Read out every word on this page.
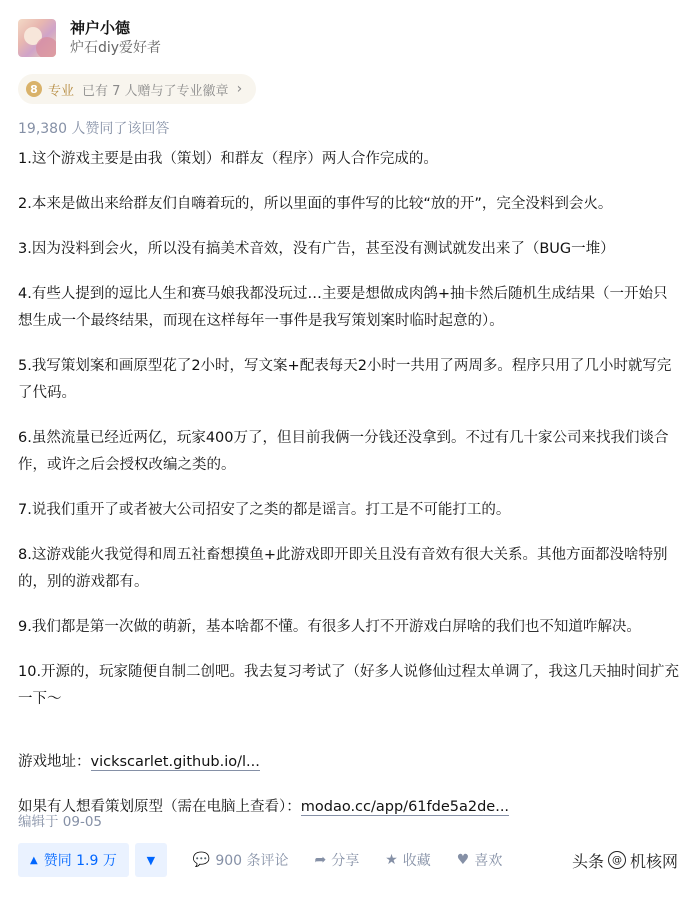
神户小德
炉石diy爱好者
8 专业 已有 7 人赠与了专业徽章 ›
19,380 人赞同了该回答

1.这个游戏主要是由我（策划）和群友（程序）两人合作完成的。

2.本来是做出来给群友们自嗨着玩的，所以里面的事件写的比较“放的开”，完全没料到会火。

3.因为没料到会火，所以没有搞美术音效，没有广告，甚至没有测试就发出来了（BUG一堆）

4.有些人提到的逗比人生和赛马娘我都没玩过…主要是想做成肉鸽+抽卡然后随机生成结果（一开始只想生成一个最终结果，而现在这样每年一事件是我写策划案时临时起意的）。

5.我写策划案和画原型花了2小时，写文案+配表每天2小时一共用了两周多。程序只用了几小时就写完了代码。

6.虽然流量已经近两亿，玩家400万了，但目前我俩一分钱还没拿到。不过有几十家公司来找我们谈合作，或许之后会授权改编之类的。

7.说我们重开了或者被大公司招安了之类的都是谣言。打工是不可能打工的。

8.这游戏能火我觉得和周五社畜想摸鱼+此游戏即开即关且没有音效有很大关系。其他方面都没啥特别的，别的游戏都有。

9.我们都是第一次做的萌新，基本啥都不懂。有很多人打不开游戏白屏啥的我们也不知道咋解决。

10.开源的，玩家随便自制二创吧。我去复习考试了（好多人说修仙过程太单调了，我这几天抽时间扩充一下～

游戏地址：vickscarlet.github.io/l...

如果有人想看策划原型（需在电脑上查看）：modao.cc/app/61fde5a2de...

编辑于 09-05
▲ 赞同 1.9 万	▼	💬 900 条评论 ➦ 分享 ★ 收藏 ♥ 喜欢	头条 @ 机核网
